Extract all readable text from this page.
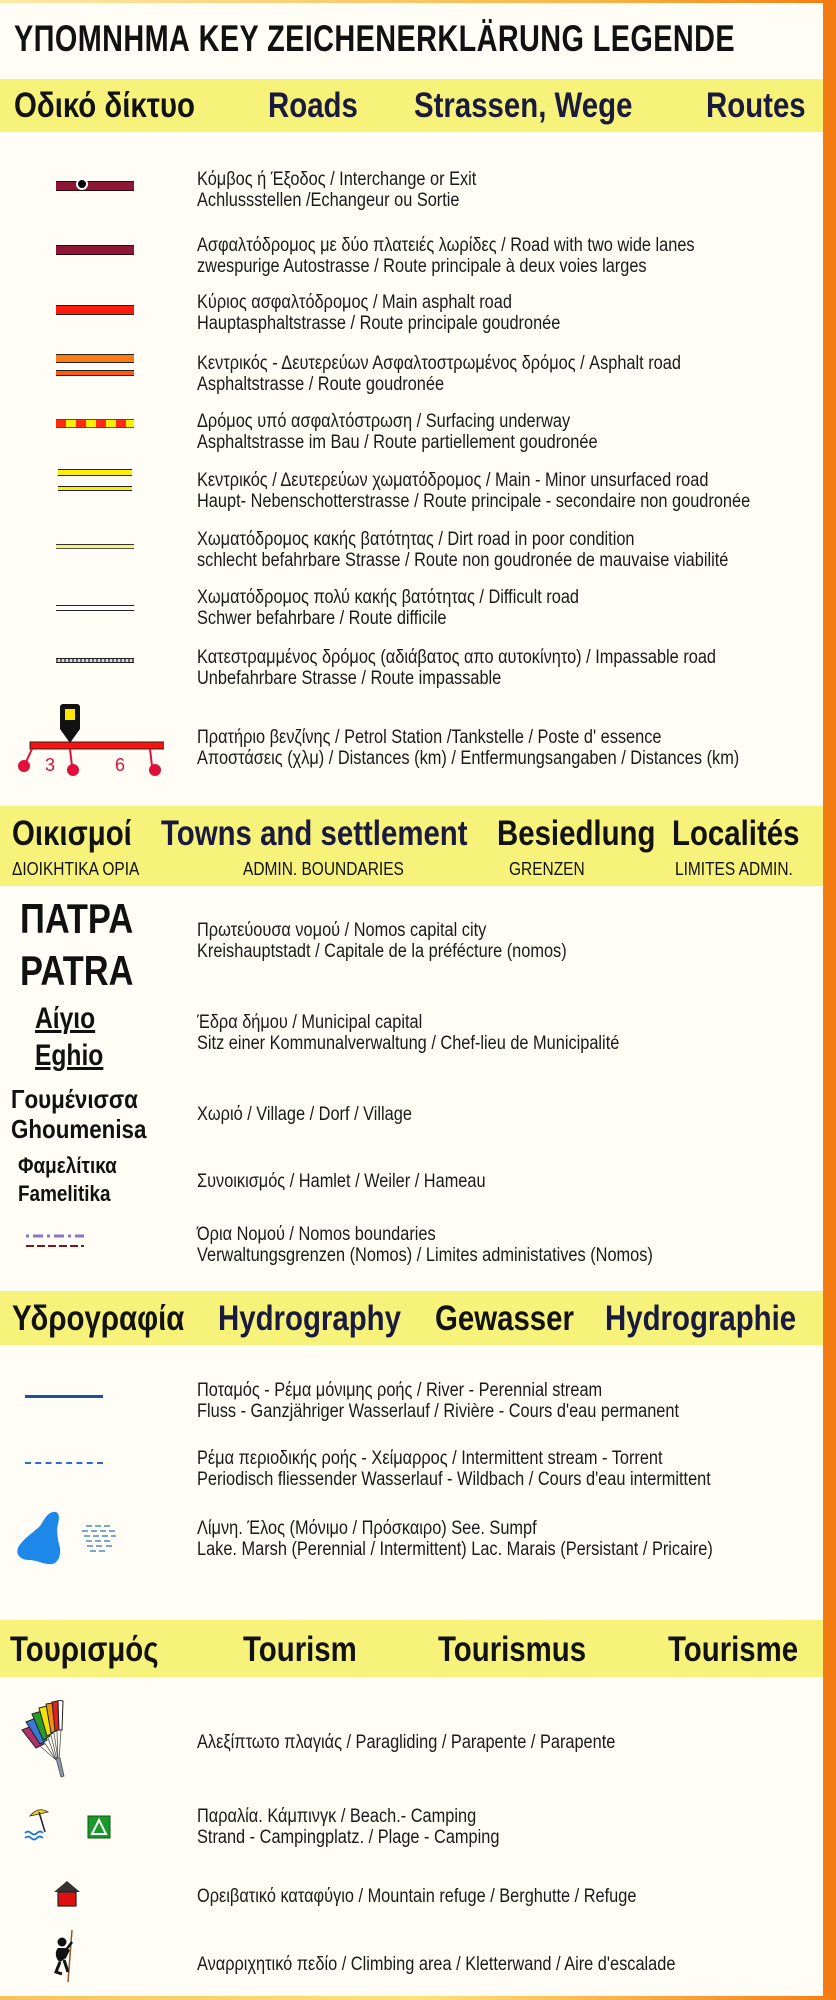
ΥΠΟΜΝΗΜΑ KEY ZEICHENERKLÄRUNG LEGENDE
Οδικό δίκτυο Roads Strassen, Wege Routes
Κόμβος ή Έξοδος / Interchange or Exit
Achlussstellen /Echangeur ou Sortie
Ασφαλτόδρομος με δύο πλατειές λωρίδες / Road with two wide lanes
zwespurige Autostrasse / Route principale à deux voies larges
Κύριος ασφαλτόδρομος / Main asphalt road
Hauptasphaltstrasse / Route principale goudronée
Κεντρικός - Δευτερεύων Ασφαλτοστρωμένος δρόμος / Asphalt road
Asphaltstrasse / Route goudronée
Δρόμος υπό ασφαλτόστρωση / Surfacing underway
Asphaltstrasse im Bau / Route partiellement goudronée
Κεντρικός / Δευτερεύων χωματόδρομος / Main - Minor unsurfaced road
Haupt- Nebenschotterstrasse / Route principale - secondaire non goudronée
Χωματόδρομος κακής βατότητας / Dirt road in poor condition
schlecht befahrbare Strasse / Route non goudronée de mauvaise viabilité
Χωματόδρομος πολύ κακής βατότητας / Difficult road
Schwer befahrbare / Route difficile
Κατεστραμμένος δρόμος (αδιάβατος απο αυτοκίνητο) / Impassable road
Unbefahrbare Strasse / Route impassable
3	6
Πρατήριο βενζίνης / Petrol Station /Tankstelle / Poste d' essence
Αποστάσεις (χλμ) / Distances (km) / Entfermungsangaben / Distances (km)
Οικισμοί Towns and settlement Besiedlung Localités
ΔΙΟΙΚΗΤΙΚΑ ΟΡΙΑ	ADMIN. BOUNDARIES	GRENZEN	LIMITES ADMIN.
ΠΑΤΡΑ
PATRA
Πρωτεύουσα νομού / Nomos capital city
Kreishauptstadt / Capitale de la préfécture (nomos)
Αίγιο
Eghio
Έδρα δήμου / Municipal capital
Sitz einer Kommunalverwaltung / Chef-lieu de Municipalité
Γουμένισσα
Ghoumenisa	Χωριό / Village / Dorf / Village
Φαμελίτικα
Famelitika	Συνοικισμός / Hamlet / Weiler / Hameau
Όρια Νομού / Nomos boundaries
Verwaltungsgrenzen (Nomos) / Limites administatives (Nomos)
Υδρογραφία Hydrography Gewasser Hydrographie
Ποταμός - Ρέμα μόνιμης ροής / River - Perennial stream
Fluss - Ganzjähriger Wasserlauf / Rivière - Cours d'eau permanent
Ρέμα περιοδικής ροής - Χείμαρρος / Intermittent stream - Torrent
Periodisch fliessender Wasserlauf - Wildbach / Cours d'eau intermittent
Λίμνη. Έλος (Μόνιμο / Πρόσκαιρο) See. Sumpf
Lake. Marsh (Perennial / Intermittent) Lac. Marais (Persistant / Pricaire)
Τουρισμός Tourism Tourismus Tourisme
Αλεξίπτωτο πλαγιάς / Paragliding / Parapente / Parapente
Παραλία. Κάμπινγκ / Beach.- Camping
Strand - Campingplatz. / Plage - Camping
Ορειβατικό καταφύγιο / Mountain refuge / Berghutte / Refuge
Αναρριχητικό πεδίο / Climbing area / Kletterwand / Aire d'escalade
